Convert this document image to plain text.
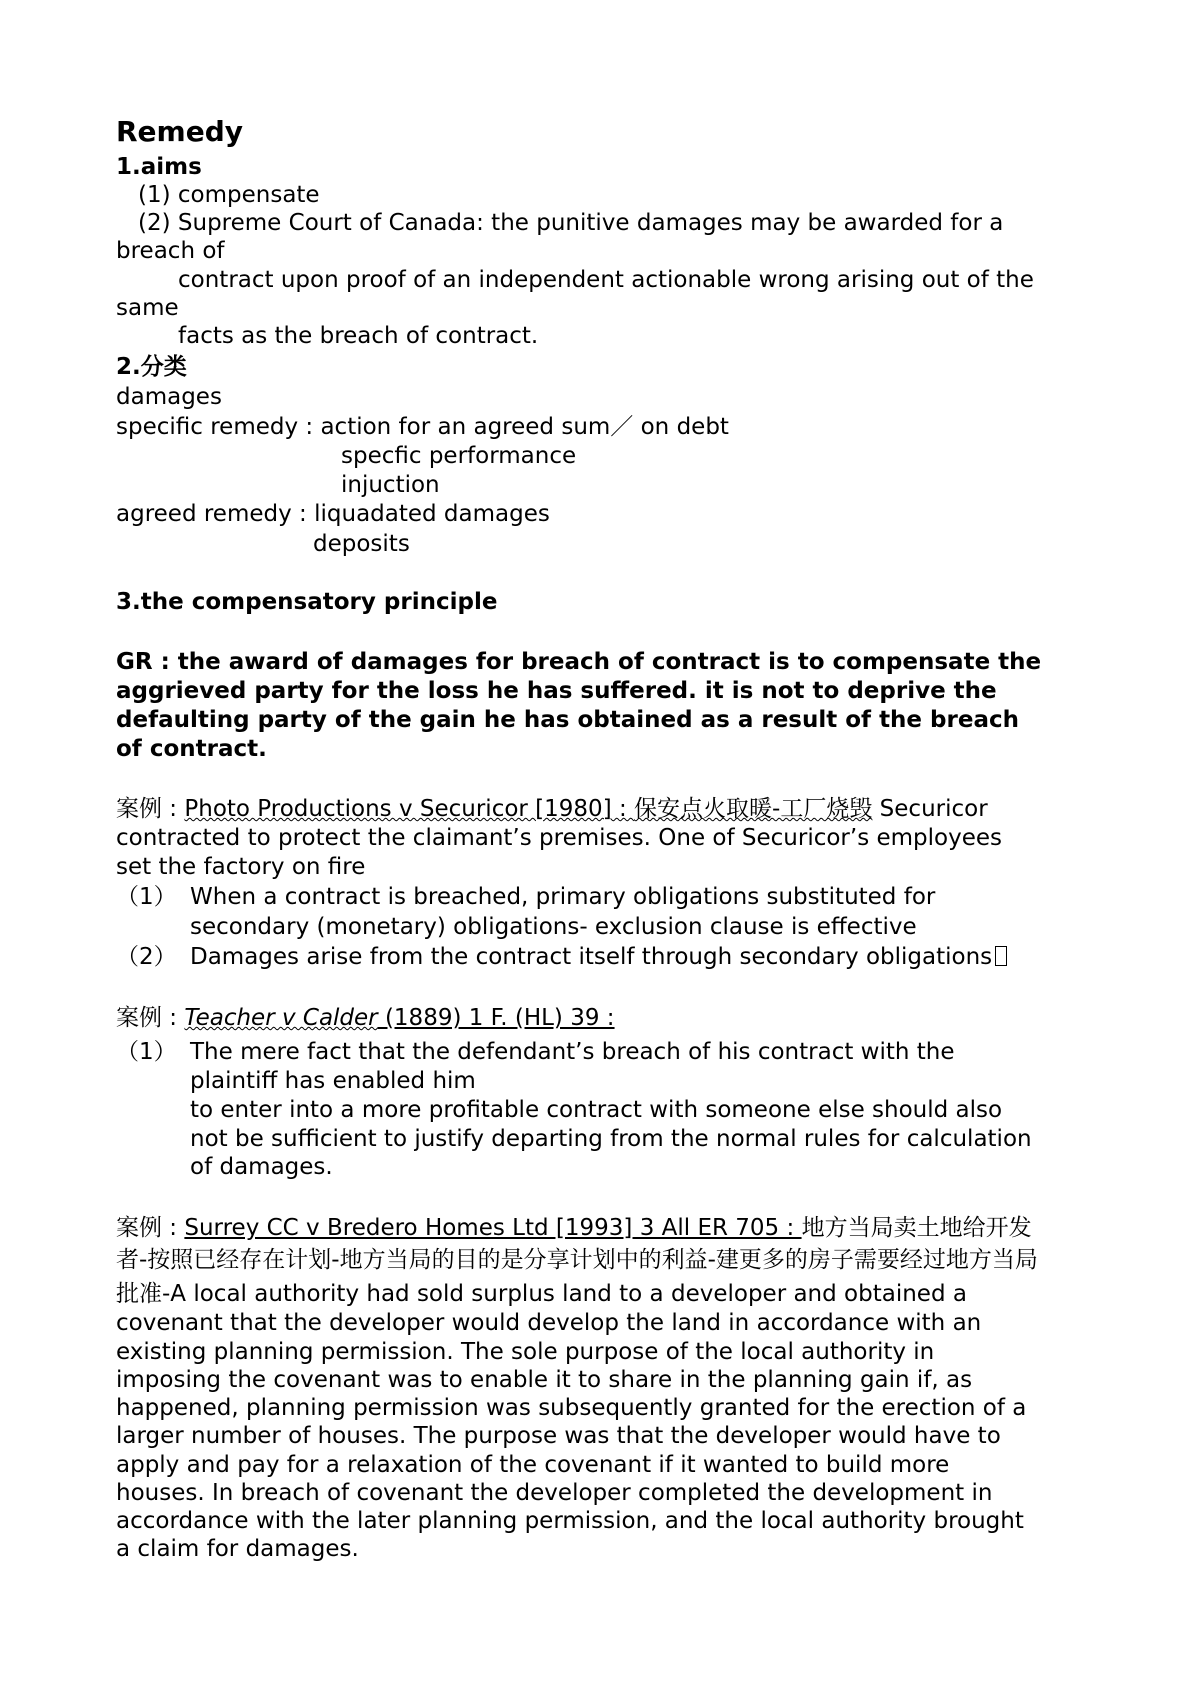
Remedy
1.aims
(1) compensate
(2) Supreme Court of Canada: the punitive damages may be awarded for a
breach of
contract upon proof of an independent actionable wrong arising out of the
same
facts as the breach of contract.
2.分类
damages
specific remedy : action for an agreed sum／ on debt
specfic performance
injuction
agreed remedy : liquadated damages
deposits
3.the compensatory principle
GR : the award of damages for breach of contract is to compensate the
aggrieved party for the loss he has suffered. it is not to deprive the
defaulting party of the gain he has obtained as a result of the breach
of contract.
案例 : Photo Productions v Securicor [1980] : 保安点火取暖-工厂烧毁 Securicor
contracted to protect the claimant’s premises. One of Securicor’s employees
set the factory on fire
（1） When a contract is breached, primary obligations substituted for
secondary (monetary) obligations- exclusion clause is effective
（2） Damages arise from the contract itself through secondary obligations
案例 : Teacher v Calder (1889) 1 F. (HL) 39 :
（1） The mere fact that the defendant’s breach of his contract with the
plaintiff has enabled him
to enter into a more profitable contract with someone else should also
not be sufficient to justify departing from the normal rules for calculation
of damages.
案例 : Surrey CC v Bredero Homes Ltd [1993] 3 All ER 705 : 地方当局卖土地给开发
者-按照已经存在计划-地方当局的目的是分享计划中的利益-建更多的房子需要经过地方当局
批准-A local authority had sold surplus land to a developer and obtained a
covenant that the developer would develop the land in accordance with an
existing planning permission. The sole purpose of the local authority in
imposing the covenant was to enable it to share in the planning gain if, as
happened, planning permission was subsequently granted for the erection of a
larger number of houses. The purpose was that the developer would have to
apply and pay for a relaxation of the covenant if it wanted to build more
houses. In breach of covenant the developer completed the development in
accordance with the later planning permission, and the local authority brought
a claim for damages.
